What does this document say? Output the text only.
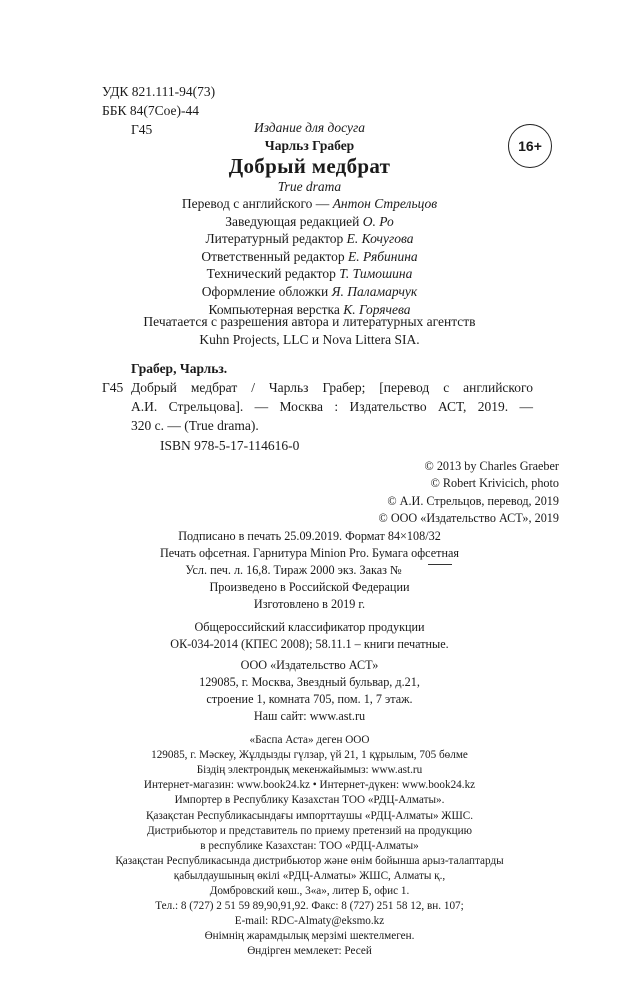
УДК 821.111-94(73)
ББК 84(7Сое)-44
Г45
16+
Издание для досуга
Чарльз Грабер
Добрый медбрат
True drama
Перевод с английского — Антон Стрельцов
Заведующая редакцией О. Ро
Литературный редактор Е. Кочугова
Ответственный редактор Е. Рябинина
Технический редактор Т. Тимошина
Оформление обложки Я. Паламарчук
Компьютерная верстка К. Горячева
Печатается с разрешения автора и литературных агентств
Kuhn Projects, LLC и Nova Littera SIA.
Грабер, Чарльз.
Г45 Добрый медбрат / Чарльз Грабер; [перевод с английского
А.И. Стрельцова]. — Москва : Издательство АСТ, 2019. —
320 с. — (True drama).
ISBN 978-5-17-114616-0
© 2013 by Charles Graeber
© Robert Krivicich, photo
© А.И. Стрельцов, перевод, 2019
© ООО «Издательство АСТ», 2019
Подписано в печать 25.09.2019. Формат 84×108/32
Печать офсетная. Гарнитура Minion Pro. Бумага офсетная
Усл. печ. л. 16,8. Тираж 2000 экз. Заказ №
Произведено в Российской Федерации
Изготовлено в 2019 г.
Общероссийский классификатор продукции
ОК-034-2014 (КПЕС 2008); 58.11.1 – книги печатные.
ООО «Издательство АСТ»
129085, г. Москва, Звездный бульвар, д.21,
строение 1, комната 705, пом. 1, 7 этаж.
Наш сайт: www.ast.ru
«Баспа Аста» деген ООО
129085, г. Мәскеу, Жұлдызды гүлзар, үй 21, 1 құрылым, 705 бөлме
Біздің электрондық мекенжайымыз: www.ast.ru
Интернет-магазин: www.book24.kz • Интернет-дүкен: www.book24.kz
Импортер в Республику Казахстан ТОО «РДЦ-Алматы».
Қазақстан Республикасындағы импорттаушы «РДЦ-Алматы» ЖШС.
Дистрибьютор и представитель по приему претензий на продукцию
в республике Казахстан: ТОО «РДЦ-Алматы»
Қазақстан Республикасында дистрибьютор және өнім бойынша арыз-талаптарды
қабылдаушының өкілі «РДЦ-Алматы» ЖШС, Алматы қ.,
Домбровский көш., 3«а», литер Б, офис 1.
Тел.: 8 (727) 2 51 59 89,90,91,92. Факс: 8 (727) 251 58 12, вн. 107;
E-mail: RDC-Almaty@eksmo.kz
Өнімнің жарамдылық мерзімі шектелмеген.
Өндірген мемлекет: Ресей
